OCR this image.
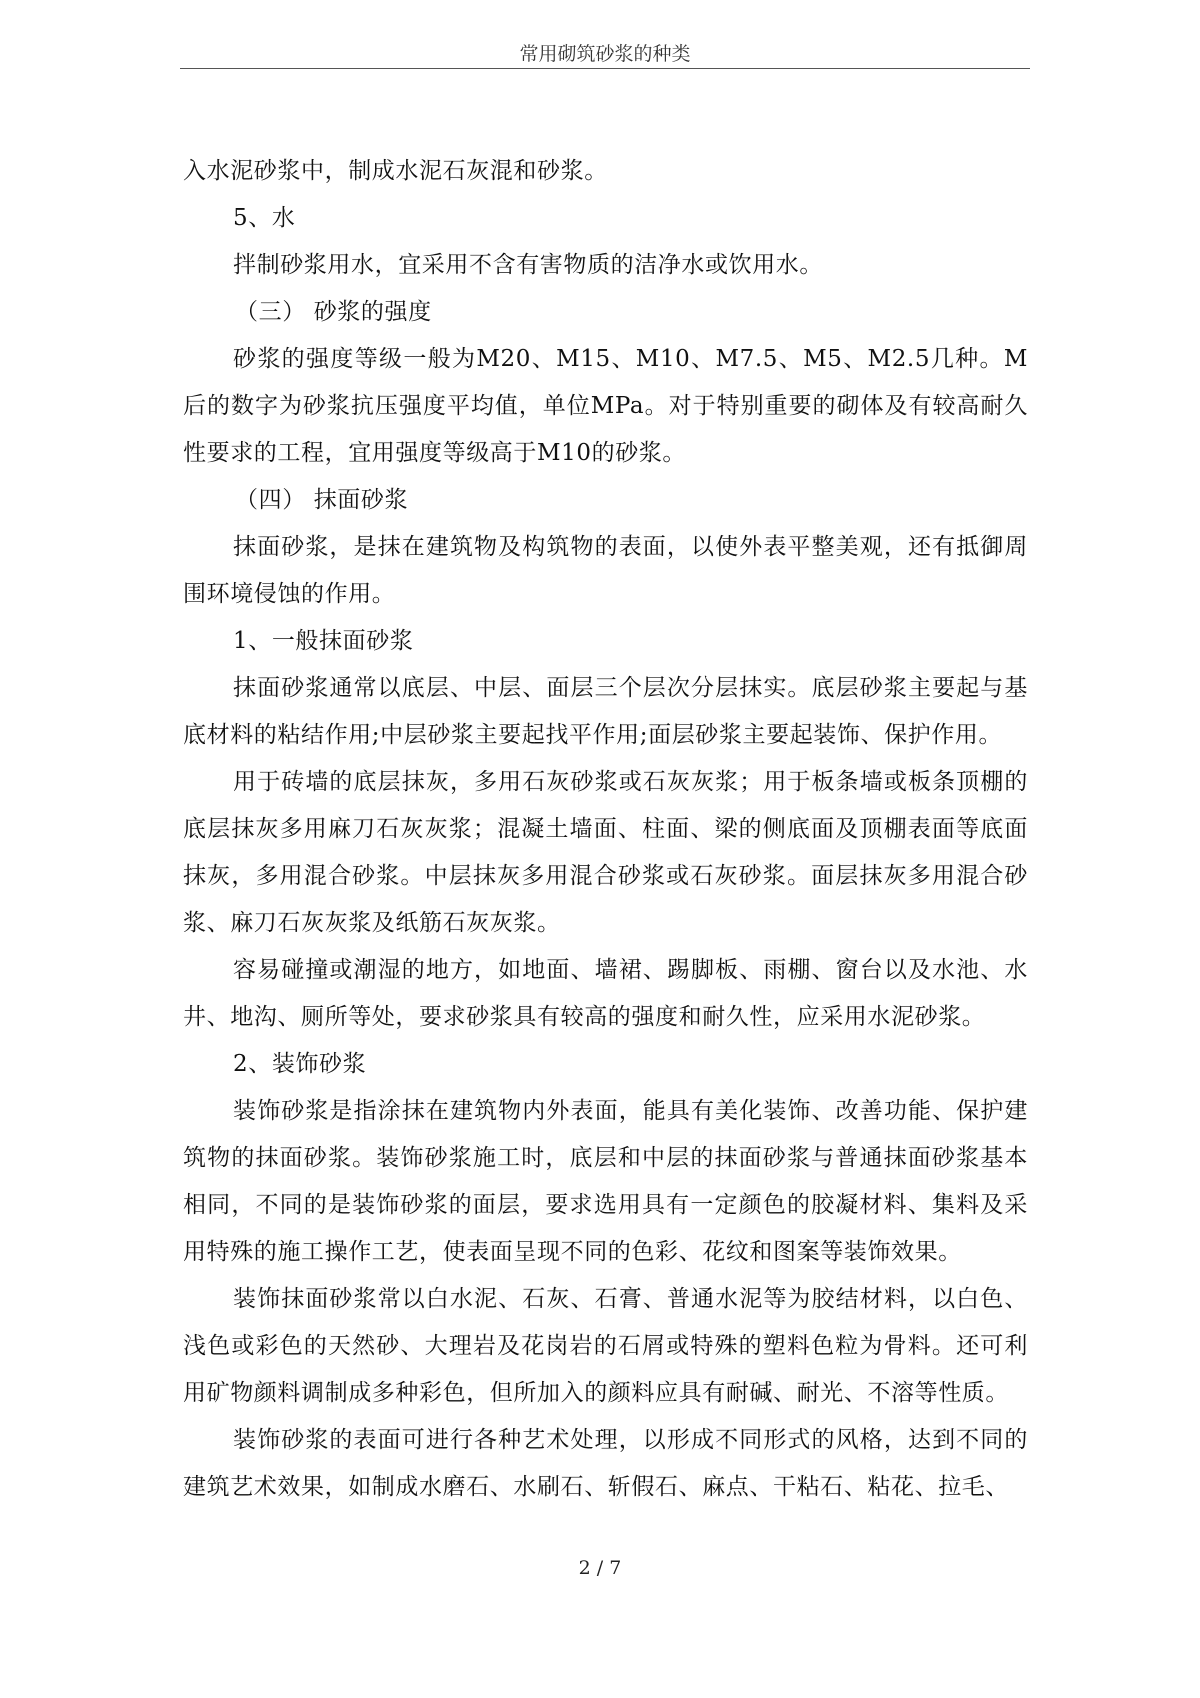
常用砌筑砂浆的种类

入水泥砂浆中，制成水泥石灰混和砂浆。

5、水

拌制砂浆用水，宜采用不含有害物质的洁净水或饮用水。

（三） 砂浆的强度

砂浆的强度等级一般为M20、M15、M10、M7.5、M5、M2.5几种。M后的数字为砂浆抗压强度平均值，单位MPa。对于特别重要的砌体及有较高耐久性要求的工程，宜用强度等级高于M10的砂浆。

（四） 抹面砂浆

抹面砂浆，是抹在建筑物及构筑物的表面，以使外表平整美观，还有抵御周围环境侵蚀的作用。

1、一般抹面砂浆

抹面砂浆通常以底层、中层、面层三个层次分层抹实。底层砂浆主要起与基底材料的粘结作用;中层砂浆主要起找平作用;面层砂浆主要起装饰、保护作用。

用于砖墙的底层抹灰，多用石灰砂浆或石灰灰浆；用于板条墙或板条顶棚的底层抹灰多用麻刀石灰灰浆；混凝土墙面、柱面、梁的侧底面及顶棚表面等底面抹灰，多用混合砂浆。中层抹灰多用混合砂浆或石灰砂浆。面层抹灰多用混合砂浆、麻刀石灰灰浆及纸筋石灰灰浆。

容易碰撞或潮湿的地方，如地面、墙裙、踢脚板、雨棚、窗台以及水池、水井、地沟、厕所等处，要求砂浆具有较高的强度和耐久性，应采用水泥砂浆。

2、装饰砂浆

装饰砂浆是指涂抹在建筑物内外表面，能具有美化装饰、改善功能、保护建筑物的抹面砂浆。装饰砂浆施工时，底层和中层的抹面砂浆与普通抹面砂浆基本相同，不同的是装饰砂浆的面层，要求选用具有一定颜色的胶凝材料、集料及采用特殊的施工操作工艺，使表面呈现不同的色彩、花纹和图案等装饰效果。

装饰抹面砂浆常以白水泥、石灰、石膏、普通水泥等为胶结材料，以白色、浅色或彩色的天然砂、大理岩及花岗岩的石屑或特殊的塑料色粒为骨料。还可利用矿物颜料调制成多种彩色，但所加入的颜料应具有耐碱、耐光、不溶等性质。

装饰砂浆的表面可进行各种艺术处理，以形成不同形式的风格，达到不同的建筑艺术效果，如制成水磨石、水刷石、斩假石、麻点、干粘石、粘花、拉毛、

2 / 7
